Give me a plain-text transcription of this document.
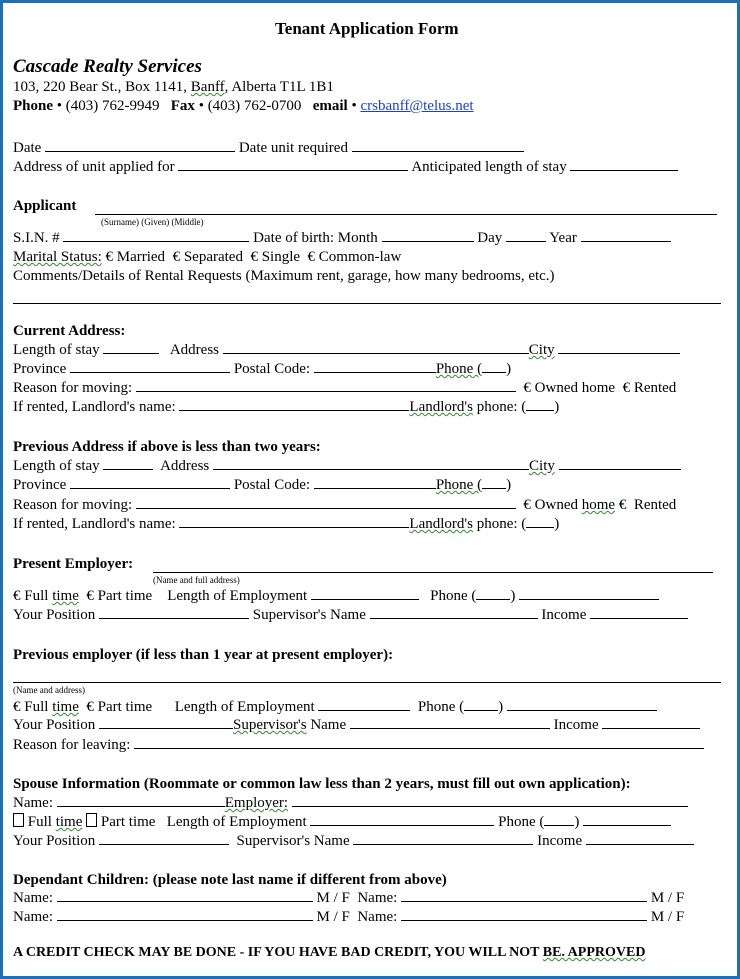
Tenant Application Form
Cascade Realty Services
103, 220 Bear St., Box 1141, Banff, Alberta T1L 1B1
Phone • (403) 762-9949 Fax • (403) 762-0700 email • crsbanff@telus.net
Date	Date unit required
Address of unit applied for	Anticipated length of stay
Applicant
(Surname) (Given) (Middle)
S.I.N. #	Date of birth: Month	Day	Year
Marital Status: € Married € Separated € Single € Common-law
Comments/Details of Rental Requests (Maximum rent, garage, how many bedrooms, etc.)
Current Address:
Length of stay	Address	City
Province	Postal Code:	Phone ( )
Reason for moving:	€ Owned home € Rented
If rented, Landlord's name:	Landlord's phone: ( )
Previous Address if above is less than two years:
Length of stay	Address	City
Province	Postal Code:	Phone ( )
Reason for moving:	€ Owned home € Rented
If rented, Landlord's name:	Landlord's phone: ( )
Present Employer:
(Name and full address)
€ Full time € Part time Length of Employment	Phone ( )
Your Position	Supervisor's Name	Income
Previous employer (if less than 1 year at present employer):
(Name and address)
€ Full time € Part time Length of Employment	Phone ( )
Your Position	Supervisor's Name	Income
Reason for leaving:
Spouse Information (Roommate or common law less than 2 years, must fill out own application):
Name:	Employer:
Full time  Part time Length of Employment	Phone ( )
Your Position	Supervisor's Name	Income
Dependant Children: (please note last name if different from above)
Name:	M / F Name:	M / F
Name:	M / F Name:	M / F
A CREDIT CHECK MAY BE DONE - IF YOU HAVE BAD CREDIT, YOU WILL NOT BE. APPROVED
